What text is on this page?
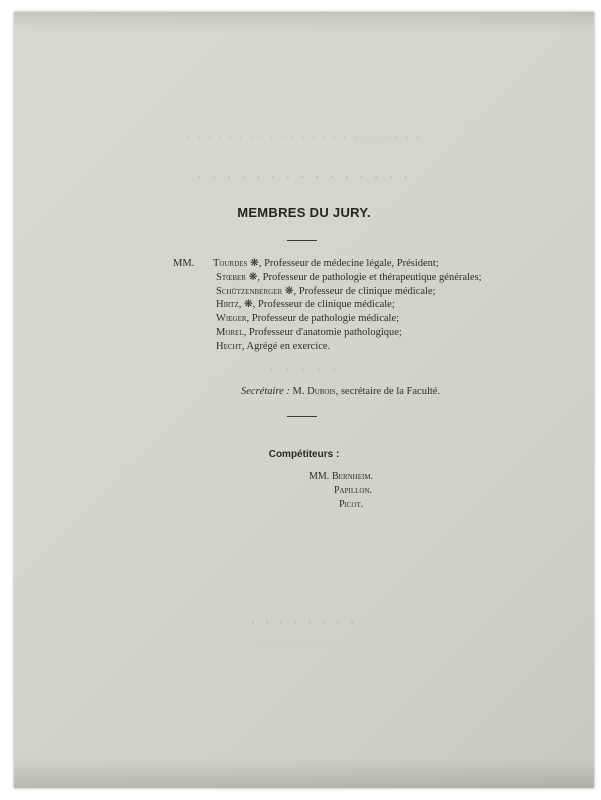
· · · · · · · · · · · · · · · · · · · · · · ·
· · · · · · · · · · · · · · ·
· · · · ·
· · · · · · · ·
· · · · · · · · · · · · · · · · · · · ·
MEMBRES DU JURY.
MM. Tourdes ❋, Professeur de médecine légale, Président;
Stœber ❋, Professeur de pathologie et thérapeutique générales;
Schützenberger ❋, Professeur de clinique médicale;
Hirtz, ❋, Professeur de clinique médicale;
Wieger, Professeur de pathologie médicale;
Morel, Professeur d'anatomie pathologique;
Hecht, Agrégé en exercice.
Secrétaire : M. Dubois, secrétaire de la Faculté.
Compétiteurs :
MM. Bernheim.
Papillon.
Picot.
